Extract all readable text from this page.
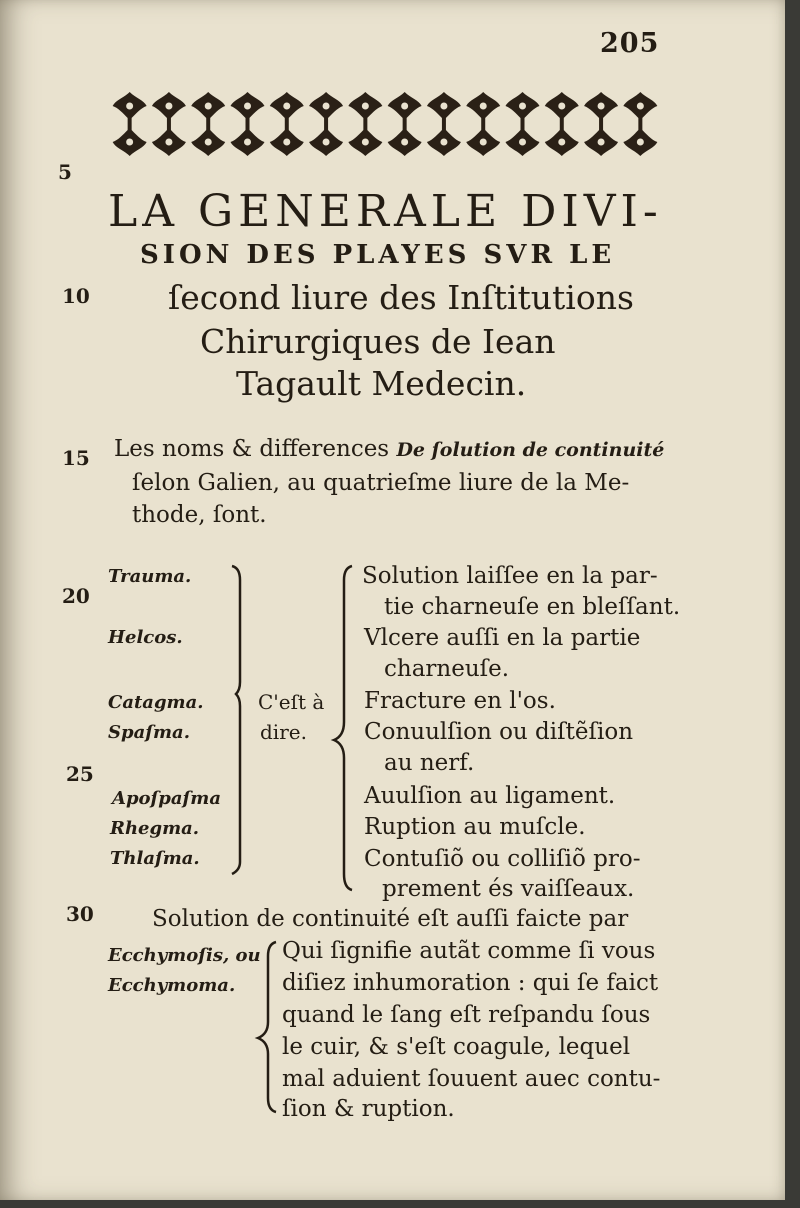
205
5
10
15
20
25
30
LA GENERALE DIVI-
SION DES PLAYES SVR LE
ſecond liure des Inſtitutions
Chirurgiques de Iean
Tagault Medecin.
Les noms & differences De ſolution de continuité
ſelon Galien, au quatrieſme liure de la Me-
thode, ſont.
Trauma.
Helcos.
Catagma.
Spaſma.
Apoſpaſma
Rhegma.
Thlaſma.
C'eſt à
dire.
Solution laiſſee en la par-
tie charneuſe en bleſſant.
Vlcere auſſi en la partie
charneuſe.
Fracture en l'os.
Conuulſion ou diſtẽſion
au nerf.
Auulſion au ligament.
Ruption au muſcle.
Contuſiõ ou colliſiõ pro-
prement és vaiſſeaux.
Solution de continuité eſt auſſi faicte par
Ecchymoſis, ou
Ecchymoma.
Qui ſignifie autãt comme ſi vous
diſiez inhumoration : qui ſe faict
quand le ſang eſt reſpandu ſous
le cuir, & s'eſt coagule, lequel
mal aduient ſouuent auec contu-
ſion & ruption.
